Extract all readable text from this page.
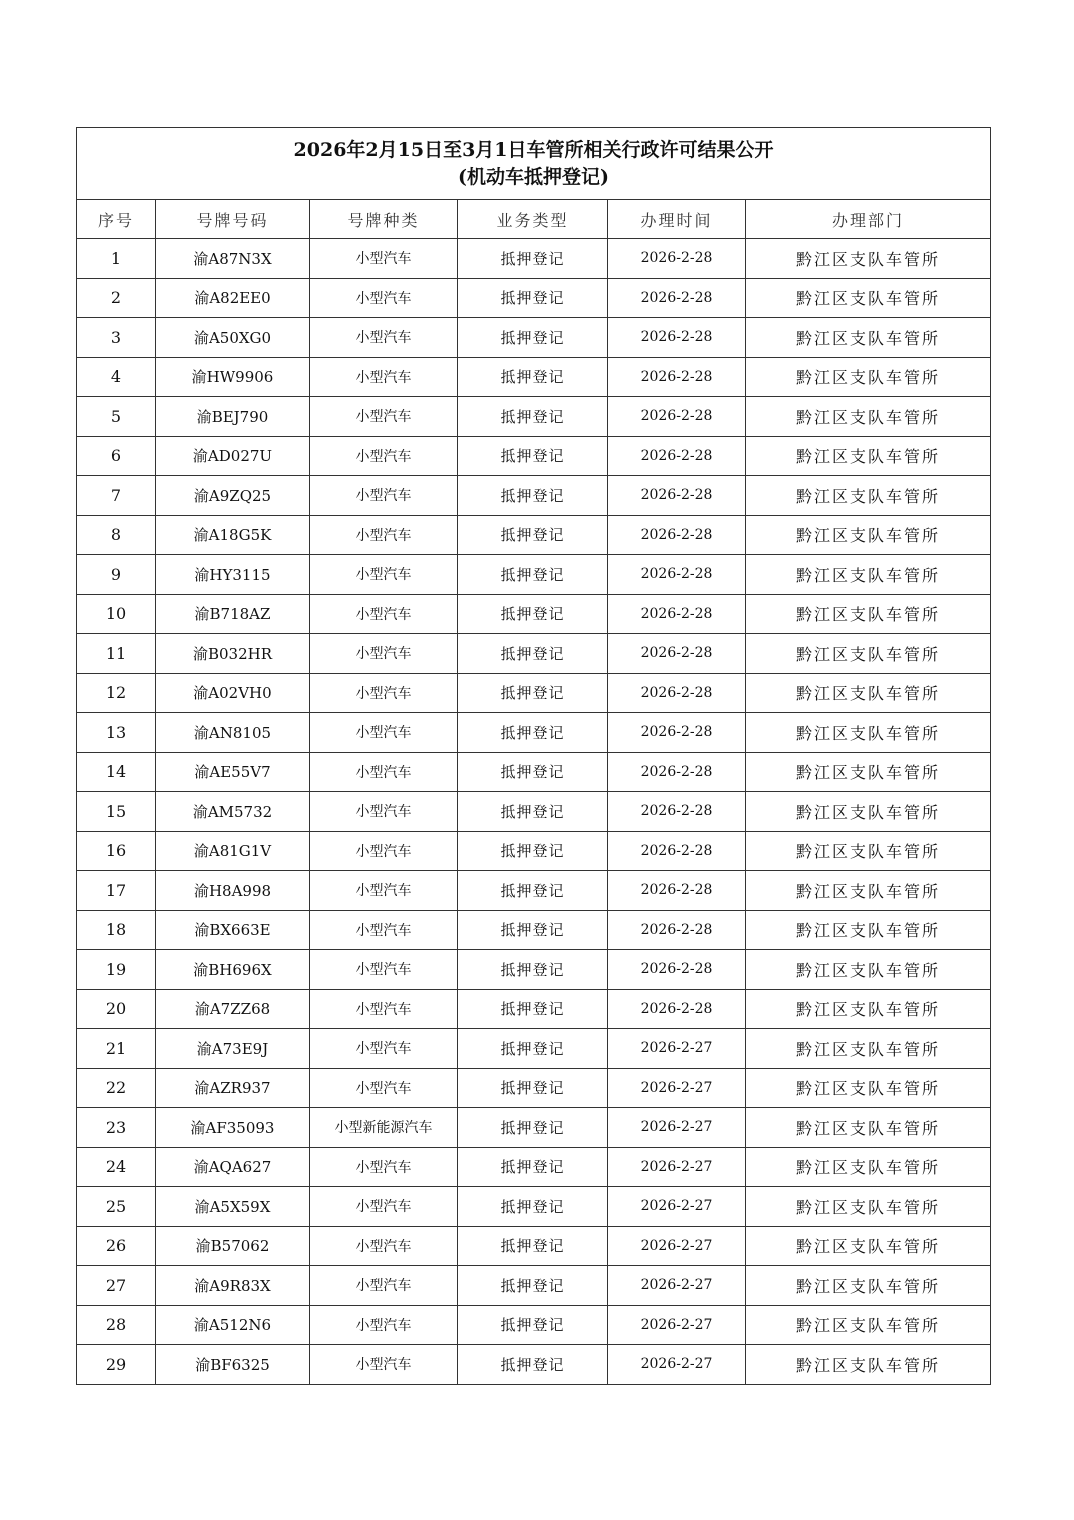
2026年2月15日至3月1日车管所相关行政许可结果公开
(机动车抵押登记)					

序号	号牌号码	号牌种类	业务类型	办理时间	办理部门
1	渝A87N3X	小型汽车	抵押登记	2026-2-28	黔江区支队车管所
2	渝A82EE0	小型汽车	抵押登记	2026-2-28	黔江区支队车管所
3	渝A50XG0	小型汽车	抵押登记	2026-2-28	黔江区支队车管所
4	渝HW9906	小型汽车	抵押登记	2026-2-28	黔江区支队车管所
5	渝BEJ790	小型汽车	抵押登记	2026-2-28	黔江区支队车管所
6	渝AD027U	小型汽车	抵押登记	2026-2-28	黔江区支队车管所
7	渝A9ZQ25	小型汽车	抵押登记	2026-2-28	黔江区支队车管所
8	渝A18G5K	小型汽车	抵押登记	2026-2-28	黔江区支队车管所
9	渝HY3115	小型汽车	抵押登记	2026-2-28	黔江区支队车管所
10	渝B718AZ	小型汽车	抵押登记	2026-2-28	黔江区支队车管所
11	渝B032HR	小型汽车	抵押登记	2026-2-28	黔江区支队车管所
12	渝A02VH0	小型汽车	抵押登记	2026-2-28	黔江区支队车管所
13	渝AN8105	小型汽车	抵押登记	2026-2-28	黔江区支队车管所
14	渝AE55V7	小型汽车	抵押登记	2026-2-28	黔江区支队车管所
15	渝AM5732	小型汽车	抵押登记	2026-2-28	黔江区支队车管所
16	渝A81G1V	小型汽车	抵押登记	2026-2-28	黔江区支队车管所
17	渝H8A998	小型汽车	抵押登记	2026-2-28	黔江区支队车管所
18	渝BX663E	小型汽车	抵押登记	2026-2-28	黔江区支队车管所
19	渝BH696X	小型汽车	抵押登记	2026-2-28	黔江区支队车管所
20	渝A7ZZ68	小型汽车	抵押登记	2026-2-28	黔江区支队车管所
21	渝A73E9J	小型汽车	抵押登记	2026-2-27	黔江区支队车管所
22	渝AZR937	小型汽车	抵押登记	2026-2-27	黔江区支队车管所
23	渝AF35093	小型新能源汽车	抵押登记	2026-2-27	黔江区支队车管所
24	渝AQA627	小型汽车	抵押登记	2026-2-27	黔江区支队车管所
25	渝A5X59X	小型汽车	抵押登记	2026-2-27	黔江区支队车管所
26	渝B57062	小型汽车	抵押登记	2026-2-27	黔江区支队车管所
27	渝A9R83X	小型汽车	抵押登记	2026-2-27	黔江区支队车管所
28	渝A512N6	小型汽车	抵押登记	2026-2-27	黔江区支队车管所
29	渝BF6325	小型汽车	抵押登记	2026-2-27	黔江区支队车管所
